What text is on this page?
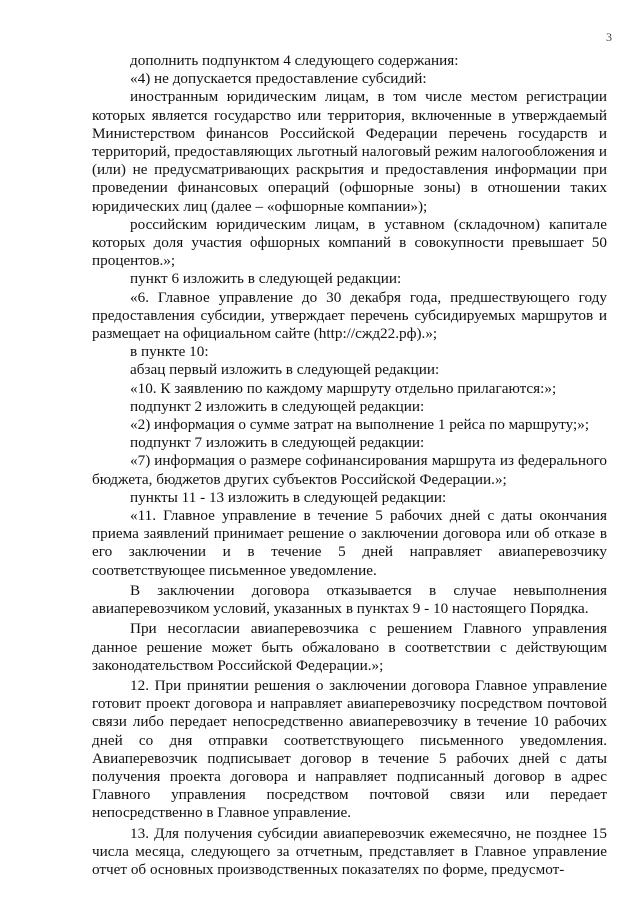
3

дополнить подпунктом 4 следующего содержания:

«4) не допускается предоставление субсидий:

иностранным юридическим лицам, в том числе местом регистрации которых является государство или территория, включенные в утверждаемый Министерством финансов Российской Федерации перечень государств и территорий, предоставляющих льготный налоговый режим налогообложения и (или) не предусматривающих раскрытия и предоставления информации при проведении финансовых операций (офшорные зоны) в отношении таких юридических лиц (далее – «офшорные компании»);

российским юридическим лицам, в уставном (складочном) капитале которых доля участия офшорных компаний в совокупности превышает 50 процентов.»;

пункт 6 изложить в следующей редакции:

«6. Главное управление до 30 декабря года, предшествующего году предоставления субсидии, утверждает перечень субсидируемых маршрутов и размещает на официальном сайте (http://сжд22.рф).»;

в пункте 10:

абзац первый изложить в следующей редакции:

«10. К заявлению по каждому маршруту отдельно прилагаются:»;

подпункт 2 изложить в следующей редакции:

«2) информация о сумме затрат на выполнение 1 рейса по маршруту;»;

подпункт 7 изложить в следующей редакции:

«7) информация о размере софинансирования маршрута из федерального бюджета, бюджетов других субъектов Российской Федерации.»;

пункты 11 - 13 изложить в следующей редакции:

«11. Главное управление в течение 5 рабочих дней с даты окончания приема заявлений принимает решение о заключении договора или об отказе в его заключении и в течение 5 дней направляет авиаперевозчику соответствующее письменное уведомление.

В заключении договора отказывается в случае невыполнения авиаперевозчиком условий, указанных в пунктах 9 - 10 настоящего Порядка.

При несогласии авиаперевозчика с решением Главного управления данное решение может быть обжаловано в соответствии с действующим законодательством Российской Федерации.»;

12. При принятии решения о заключении договора Главное управление готовит проект договора и направляет авиаперевозчику посредством почтовой связи либо передает непосредственно авиаперевозчику в течение 10 рабочих дней со дня отправки соответствующего письменного уведомления. Авиаперевозчик подписывает договор в течение 5 рабочих дней с даты получения проекта договора и направляет подписанный договор в адрес Главного управления посредством почтовой связи или передает непосредственно в Главное управление.

13. Для получения субсидии авиаперевозчик ежемесячно, не позднее 15 числа месяца, следующего за отчетным, представляет в Главное управление отчет об основных производственных показателях по форме, предусмот-
